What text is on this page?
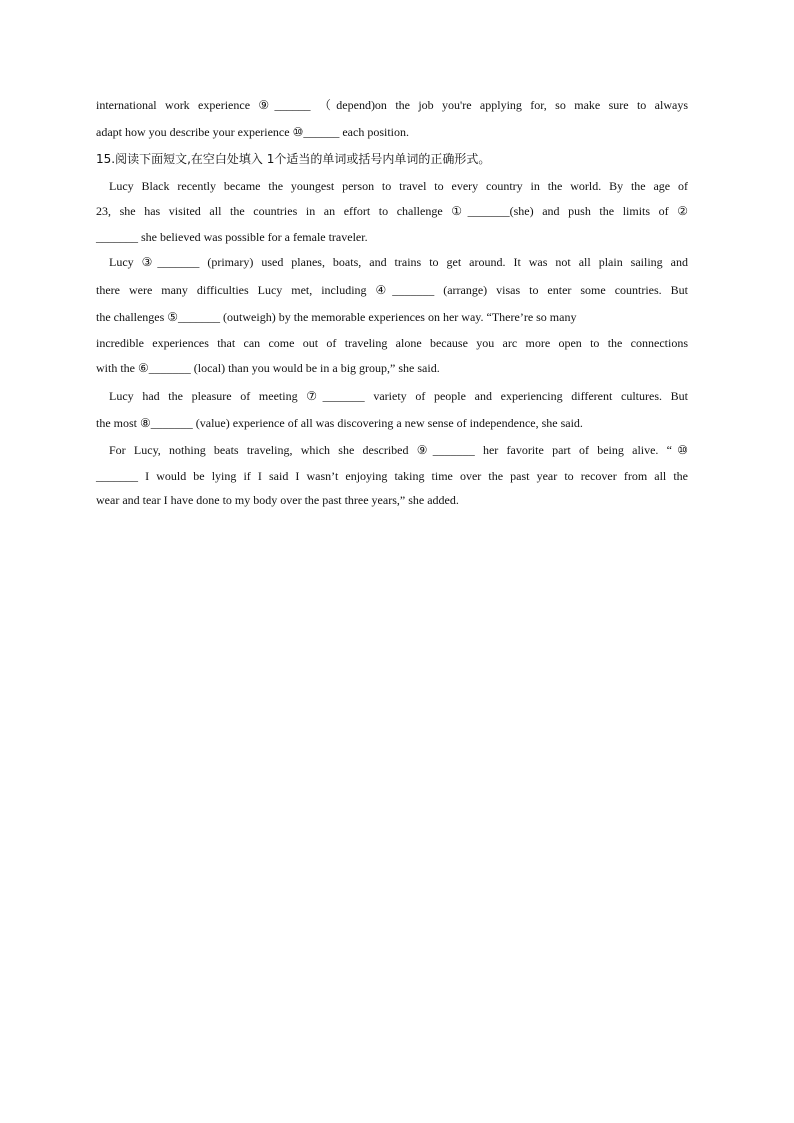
international work experience ⑨______ （depend)on the job you're applying for, so make sure to always
adapt how you describe your experience ⑩______ each position.
15.阅读下面短文,在空白处填入 1个适当的单词或括号内单词的正确形式。
Lucy Black recently became the youngest person to travel to every country in the world. By the age of
23, she has visited all the countries in an effort to challenge ①_______(she) and push the limits of ②
_______ she believed was possible for a female traveler.
Lucy ③_______ (primary) used planes, boats, and trains to get around. It was not all plain sailing and
there were many difficulties Lucy met, including ④_______ (arrange) visas to enter some countries. But
the challenges ⑤_______ (outweigh) by the memorable experiences on her way. “There’re so many
incredible experiences that can come out of traveling alone because you arc more open to the connections
with the ⑥_______ (local) than you would be in a big group,” she said.
Lucy had the pleasure of meeting ⑦_______ variety of people and experiencing different cultures. But
the most ⑧_______ (value) experience of all was discovering a new sense of independence, she said.
For Lucy, nothing beats traveling, which she described ⑨_______ her favorite part of being alive. “⑩
_______ I would be lying if I said I wasn’t enjoying taking time over the past year to recover from all the
wear and tear I have done to my body over the past three years,” she added.
